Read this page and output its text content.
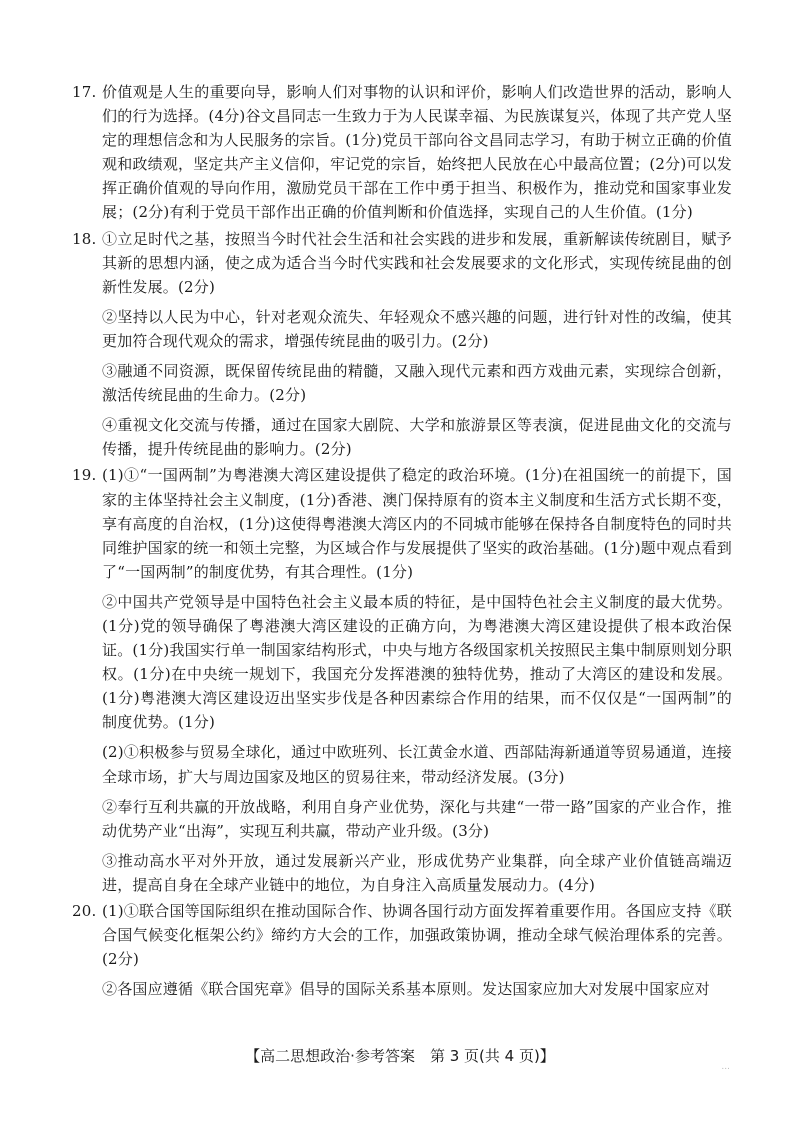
17. 价值观是人生的重要向导，影响人们对事物的认识和评价，影响人们改造世界的活动，影响人们的行为选择。(4分)谷文昌同志一生致力于为人民谋幸福、为民族谋复兴，体现了共产党人坚定的理想信念和为人民服务的宗旨。(1分)党员干部向谷文昌同志学习，有助于树立正确的价值观和政绩观，坚定共产主义信仰，牢记党的宗旨，始终把人民放在心中最高位置；(2分)可以发挥正确价值观的导向作用，激励党员干部在工作中勇于担当、积极作为，推动党和国家事业发展；(2分)有利于党员干部作出正确的价值判断和价值选择，实现自己的人生价值。(1分)

18. ①立足时代之基，按照当今时代社会生活和社会实践的进步和发展，重新解读传统剧目，赋予其新的思想内涵，使之成为适合当今时代实践和社会发展要求的文化形式，实现传统昆曲的创新性发展。(2分)

②坚持以人民为中心，针对老观众流失、年轻观众不感兴趣的问题，进行针对性的改编，使其更加符合现代观众的需求，增强传统昆曲的吸引力。(2分)

③融通不同资源，既保留传统昆曲的精髓，又融入现代元素和西方戏曲元素，实现综合创新，激活传统昆曲的生命力。(2分)

④重视文化交流与传播，通过在国家大剧院、大学和旅游景区等表演，促进昆曲文化的交流与传播，提升传统昆曲的影响力。(2分)

19. (1)①“一国两制”为粤港澳大湾区建设提供了稳定的政治环境。(1分)在祖国统一的前提下，国家的主体坚持社会主义制度，(1分)香港、澳门保持原有的资本主义制度和生活方式长期不变，享有高度的自治权，(1分)这使得粤港澳大湾区内的不同城市能够在保持各自制度特色的同时共同维护国家的统一和领土完整，为区域合作与发展提供了坚实的政治基础。(1分)题中观点看到了“一国两制”的制度优势，有其合理性。(1分)

②中国共产党领导是中国特色社会主义最本质的特征，是中国特色社会主义制度的最大优势。(1分)党的领导确保了粤港澳大湾区建设的正确方向，为粤港澳大湾区建设提供了根本政治保证。(1分)我国实行单一制国家结构形式，中央与地方各级国家机关按照民主集中制原则划分职权。(1分)在中央统一规划下，我国充分发挥港澳的独特优势，推动了大湾区的建设和发展。(1分)粤港澳大湾区建设迈出坚实步伐是各种因素综合作用的结果，而不仅仅是“一国两制”的制度优势。(1分)

(2)①积极参与贸易全球化，通过中欧班列、长江黄金水道、西部陆海新通道等贸易通道，连接全球市场，扩大与周边国家及地区的贸易往来，带动经济发展。(3分)

②奉行互利共赢的开放战略，利用自身产业优势，深化与共建“一带一路”国家的产业合作，推动优势产业“出海”，实现互利共赢，带动产业升级。(3分)

③推动高水平对外开放，通过发展新兴产业，形成优势产业集群，向全球产业价值链高端迈进，提高自身在全球产业链中的地位，为自身注入高质量发展动力。(4分)

20. (1)①联合国等国际组织在推动国际合作、协调各国行动方面发挥着重要作用。各国应支持《联合国气候变化框架公约》缔约方大会的工作，加强政策协调，推动全球气候治理体系的完善。(2分)

②各国应遵循《联合国宪章》倡导的国际关系基本原则。发达国家应加大对发展中国家应对

【高二思想政治·参考答案　第 3 页(共 4 页)】
...
